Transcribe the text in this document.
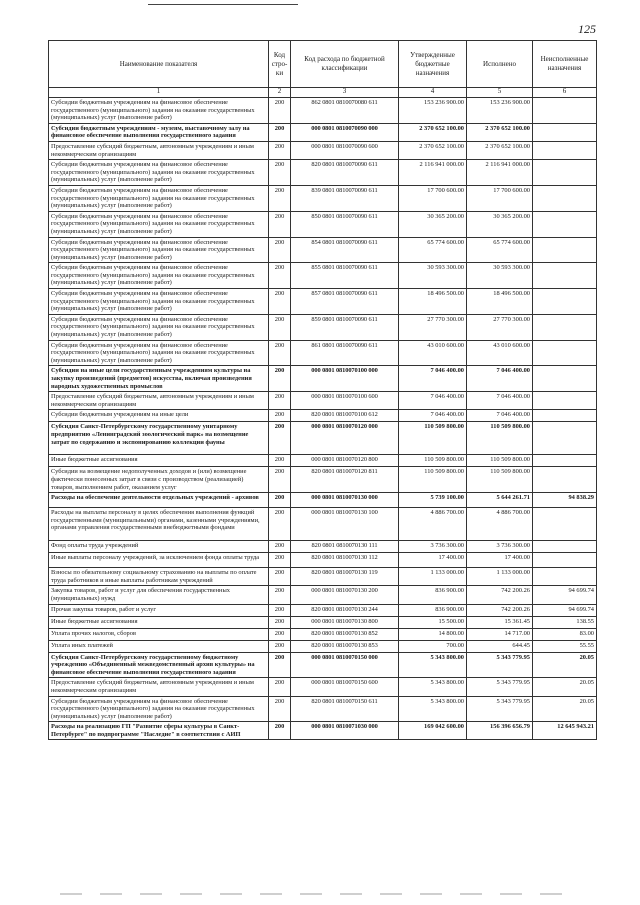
125
Наименование показателя	Код стро-ки	Код расхода по бюджетной классификации	Утвержденные бюджетные назначения	Исполнено	Неисполненные назначения
1	2	3	4	5	6
Субсидии бюджетным учреждениям на финансовое обеспечение государственного (муниципального) задания на оказание государственных (муниципальных) услуг (выполнение работ)	200	862 0801 0810070080 611	153 236 900.00	153 236 900.00	
Субсидии бюджетным учреждениям - музеям, выставочному залу на финансовое обеспечение выполнения государственного задания	200	000 0801 0810070090 000	2 370 652 100.00	2 370 652 100.00	
Предоставление субсидий бюджетным, автономным учреждениям и иным некоммерческим организациям	200	000 0801 0810070090 600	2 370 652 100.00	2 370 652 100.00	
Субсидии бюджетным учреждениям на финансовое обеспечение государственного (муниципального) задания на оказание государственных (муниципальных) услуг (выполнение работ)	200	820 0801 0810070090 611	2 116 941 000.00	2 116 941 000.00	
Субсидии бюджетным учреждениям на финансовое обеспечение государственного (муниципального) задания на оказание государственных (муниципальных) услуг (выполнение работ)	200	839 0801 0810070090 611	17 700 600.00	17 700 600.00	
Субсидии бюджетным учреждениям на финансовое обеспечение государственного (муниципального) задания на оказание государственных (муниципальных) услуг (выполнение работ)	200	850 0801 0810070090 611	30 365 200.00	30 365 200.00	
Субсидии бюджетным учреждениям на финансовое обеспечение государственного (муниципального) задания на оказание государственных (муниципальных) услуг (выполнение работ)	200	854 0801 0810070090 611	65 774 600.00	65 774 600.00	
Субсидии бюджетным учреждениям на финансовое обеспечение государственного (муниципального) задания на оказание государственных (муниципальных) услуг (выполнение работ)	200	855 0801 0810070090 611	30 593 300.00	30 593 300.00	
Субсидии бюджетным учреждениям на финансовое обеспечение государственного (муниципального) задания на оказание государственных (муниципальных) услуг (выполнение работ)	200	857 0801 0810070090 611	18 496 500.00	18 496 500.00	
Субсидии бюджетным учреждениям на финансовое обеспечение государственного (муниципального) задания на оказание государственных (муниципальных) услуг (выполнение работ)	200	859 0801 0810070090 611	27 770 300.00	27 770 300.00	
Субсидии бюджетным учреждениям на финансовое обеспечение государственного (муниципального) задания на оказание государственных (муниципальных) услуг (выполнение работ)	200	861 0801 0810070090 611	43 010 600.00	43 010 600.00	
Субсидии на иные цели государственным учреждениям культуры на закупку произведений (предметов) искусства, включая произведения народных художественных промыслов	200	000 0801 0810070100 000	7 046 400.00	7 046 400.00	
Предоставление субсидий бюджетным, автономным учреждениям и иным некоммерческим организациям	200	000 0801 0810070100 600	7 046 400.00	7 046 400.00	
Субсидии бюджетным учреждениям на иные цели	200	820 0801 0810070100 612	7 046 400.00	7 046 400.00	
Субсидия Санкт-Петербургскому государственному унитарному предприятию «Ленинградский зоологический парк» на возмещение затрат по содержанию и экспонированию коллекции фауны	200	000 0801 0810070120 000	110 509 800.00	110 509 800.00	
Иные бюджетные ассигнования	200	000 0801 0810070120 800	110 509 800.00	110 509 800.00	
Субсидии на возмещение недополученных доходов и (или) возмещение фактически понесенных затрат в связи с производством (реализацией) товаров, выполнением работ, оказанием услуг	200	820 0801 0810070120 811	110 509 800.00	110 509 800.00	
Расходы на обеспечение деятельности отдельных учреждений - архивов	200	000 0801 0810070130 000	5 739 100.00	5 644 261.71	94 838.29
Расходы на выплаты персоналу в целях обеспечения выполнения функций государственными (муниципальными) органами, казенными учреждениями, органами управления государственными внебюджетными фондами	200	000 0801 0810070130 100	4 886 700.00	4 886 700.00	
Фонд оплаты труда учреждений	200	820 0801 0810070130 111	3 736 300.00	3 736 300.00	
Иные выплаты персоналу учреждений, за исключением фонда оплаты труда	200	820 0801 0810070130 112	17 400.00	17 400.00	
Взносы по обязательному социальному страхованию на выплаты по оплате труда работников и иные выплаты работникам учреждений	200	820 0801 0810070130 119	1 133 000.00	1 133 000.00	
Закупка товаров, работ и услуг для обеспечения государственных (муниципальных) нужд	200	000 0801 0810070130 200	836 900.00	742 200.26	94 699.74
Прочая закупка товаров, работ и услуг	200	820 0801 0810070130 244	836 900.00	742 200.26	94 699.74
Иные бюджетные ассигнования	200	000 0801 0810070130 800	15 500.00	15 361.45	138.55
Уплата прочих налогов, сборов	200	820 0801 0810070130 852	14 800.00	14 717.00	83.00
Уплата иных платежей	200	820 0801 0810070130 853	700.00	644.45	55.55
Субсидия Санкт-Петербургскому государственному бюджетному учреждению «Объединенный межведомственный архив культуры» на финансовое обеспечение выполнения государственного задания	200	000 0801 0810070150 000	5 343 800.00	5 343 779.95	20.05
Предоставление субсидий бюджетным, автономным учреждениям и иным некоммерческим организациям	200	000 0801 0810070150 600	5 343 800.00	5 343 779.95	20.05
Субсидии бюджетным учреждениям на финансовое обеспечение государственного (муниципального) задания на оказание государственных (муниципальных) услуг (выполнение работ)	200	820 0801 0810070150 611	5 343 800.00	5 343 779.95	20.05
Расходы на реализацию ГП "Развитие сферы культуры в Санкт-Петербурге" по подпрограмме "Наследие" в соответствии с АИП	200	000 0801 0810071030 000	169 042 600.00	156 396 656.79	12 645 943.21
